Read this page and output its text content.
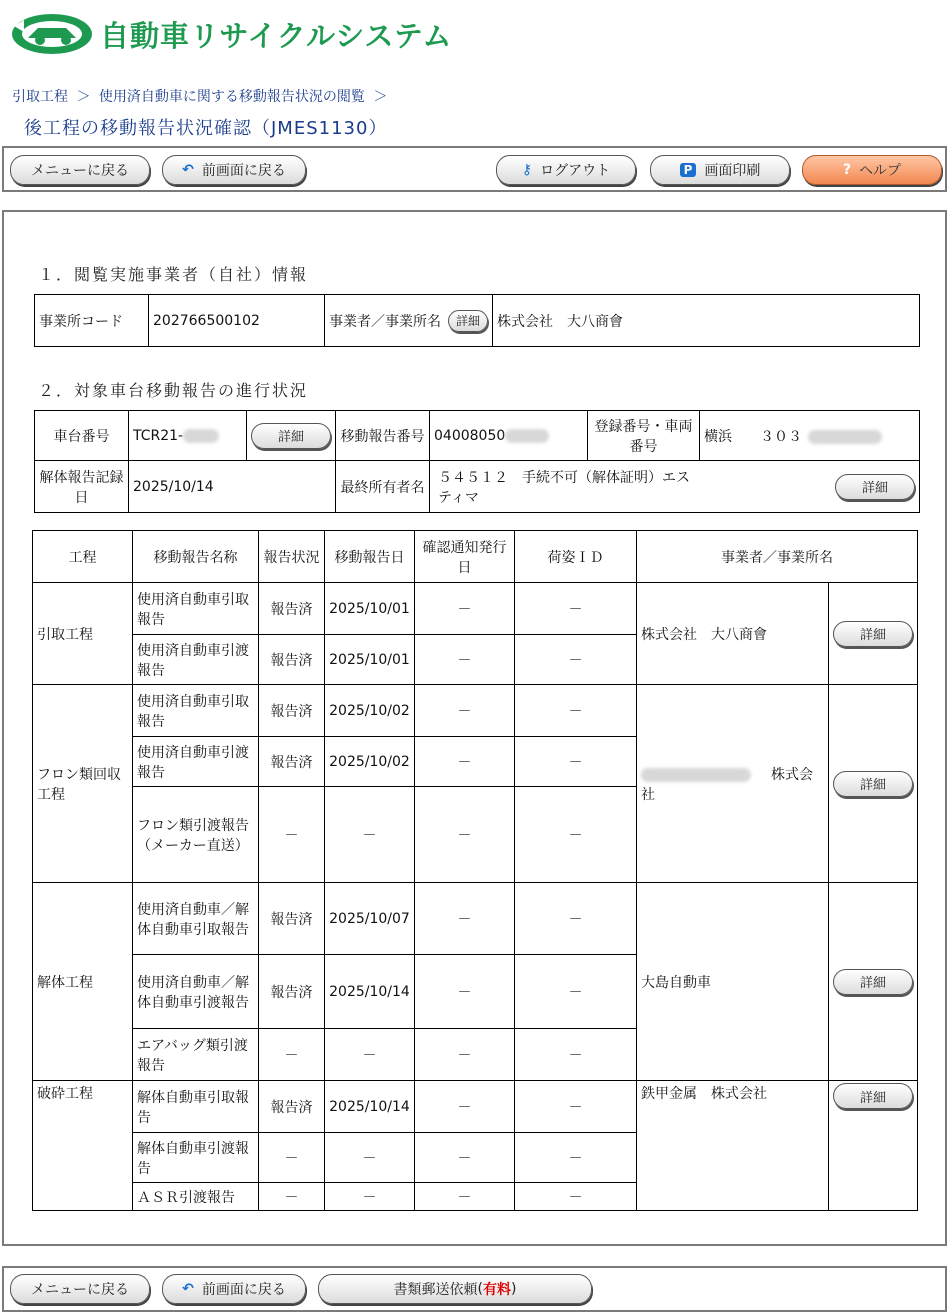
自動車リサイクルシステム
引取工程 ＞ 使用済自動車に関する移動報告状況の閲覧 ＞
後工程の移動報告状況確認（JMES1130）
メニューに戻る	↶ 前画面に戻る	⚷ ログアウト	P 画面印刷	? ヘルプ
１．閲覧実施事業者（自社）情報
事業所コード	202766500102	事業者／事業所名	詳細	株式会社　大八商會
２．対象車台移動報告の進行状況
車台番号	TCR21-	詳細	移動報告番号	04008050	登録番号・車両番号	横浜　　３０３
解体報告記録日	2025/10/14		最終所有者名	５４５１２　手続不可（解体証明）エスティマ		詳細
工程	移動報告名称	報告状況	移動報告日	確認通知発行日	荷姿ＩＤ	事業者／事業所名	
引取工程	使用済自動車引取報告	報告済	2025/10/01	－	－	株式会社　大八商會	詳細
	使用済自動車引渡報告	報告済	2025/10/01	－	－		
フロン類回収工程	使用済自動車引取報告	報告済	2025/10/02	－	－	株式会社	詳細
	使用済自動車引渡報告	報告済	2025/10/02	－	－		
	フロン類引渡報告（メーカー直送）	－	－	－	－		
解体工程	使用済自動車／解体自動車引取報告	報告済	2025/10/07	－	－	大島自動車	詳細
	使用済自動車／解体自動車引渡報告	報告済	2025/10/14	－	－		
	エアバッグ類引渡報告	－	－	－	－		
破砕工程	解体自動車引取報告	報告済	2025/10/14	－	－	鉄甲金属　株式会社	詳細
	解体自動車引渡報告	－	－	－	－		
	ＡＳＲ引渡報告	－	－	－	－		
メニューに戻る	↶ 前画面に戻る	書類郵送依頼 ( 有料 )
